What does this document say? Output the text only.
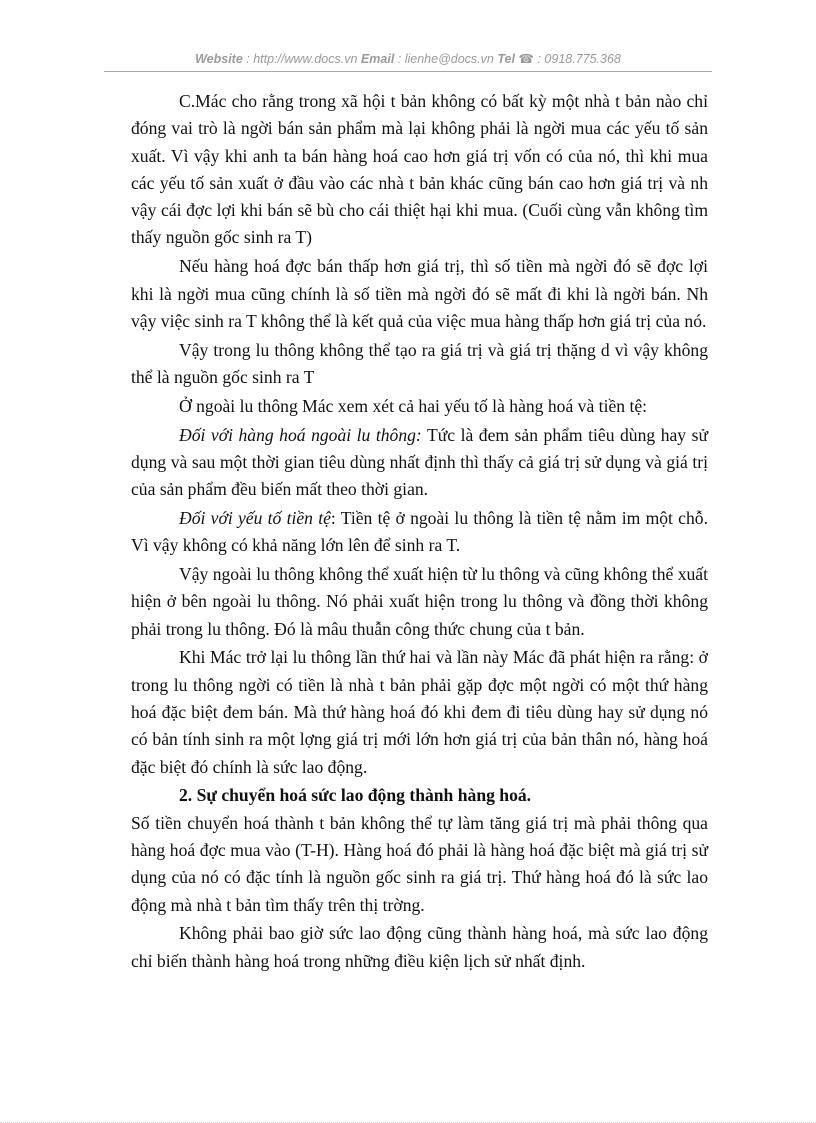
Website : http://www.docs.vn Email : lienhe@docs.vn Tel ☎ : 0918.775.368

C.Mác cho rằng trong xã hội t bản không có bất kỳ một nhà t bản nào chỉ đóng vai trò là ngời bán sản phẩm mà lại không phải là ngời mua các yếu tố sản xuất. Vì vậy khi anh ta bán hàng hoá cao hơn giá trị vốn có của nó, thì khi mua các yếu tố sản xuất ở đầu vào các nhà t bản khác cũng bán cao hơn giá trị và nh vậy cái đợc lợi khi bán sẽ bù cho cái thiệt hại khi mua. (Cuối cùng vẫn không tìm thấy nguồn gốc sinh ra T)

Nếu hàng hoá đợc bán thấp hơn giá trị, thì số tiền mà ngời đó sẽ đợc lợi khi là ngời mua cũng chính là số tiền mà ngời đó sẽ mất đi khi là ngời bán. Nh vậy việc sinh ra T không thể là kết quả của việc mua hàng thấp hơn giá trị của nó.

Vậy trong lu thông không thể tạo ra giá trị và giá trị thặng d vì vậy không thể là nguồn gốc sinh ra T

Ở ngoài lu thông Mác xem xét cả hai yếu tố là hàng hoá và tiền tệ:

Đối với hàng hoá ngoài lu thông: Tức là đem sản phẩm tiêu dùng hay sử dụng và sau một thời gian tiêu dùng nhất định thì thấy cả giá trị sử dụng và giá trị của sản phẩm đều biến mất theo thời gian.

Đối với yếu tố tiền tệ: Tiền tệ ở ngoài lu thông là tiền tệ nằm im một chỗ. Vì vậy không có khả năng lớn lên để sinh ra T.

Vậy ngoài lu thông không thể xuất hiện từ lu thông và cũng không thể xuất hiện ở bên ngoài lu thông. Nó phải xuất hiện trong lu thông và đồng thời không phải trong lu thông. Đó là mâu thuẫn công thức chung của t bản.

Khi Mác trở lại lu thông lần thứ hai và lần này Mác đã phát hiện ra rằng: ở trong lu thông ngời có tiền là nhà t bản phải gặp đợc một ngời có một thứ hàng hoá đặc biệt đem bán. Mà thứ hàng hoá đó khi đem đi tiêu dùng hay sử dụng nó có bản tính sinh ra một lợng giá trị mới lớn hơn giá trị của bản thân nó, hàng hoá đặc biệt đó chính là sức lao động.

2. Sự chuyển hoá sức lao động thành hàng hoá.

Số tiền chuyển hoá thành t bản không thể tự làm tăng giá trị mà phải thông qua hàng hoá đợc mua vào (T-H). Hàng hoá đó phải là hàng hoá đặc biệt mà giá trị sử dụng của nó có đặc tính là nguồn gốc sinh ra giá trị. Thứ hàng hoá đó là sức lao động mà nhà t bản tìm thấy trên thị trờng.

Không phải bao giờ sức lao động cũng thành hàng hoá, mà sức lao động chỉ biến thành hàng hoá trong những điều kiện lịch sử nhất định.
